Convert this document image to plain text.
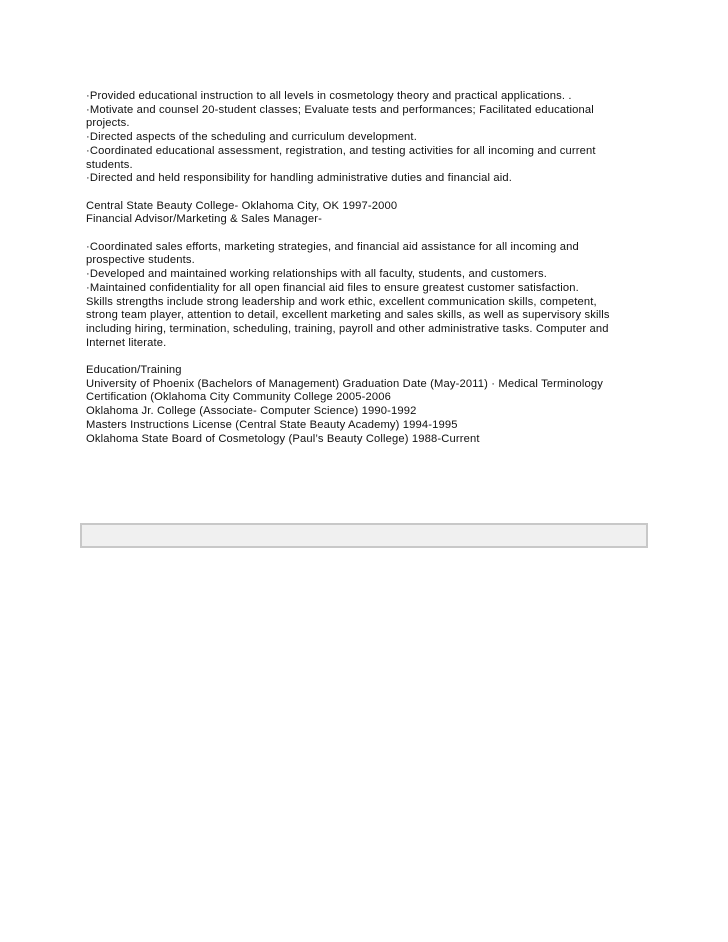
·Provided educational instruction to all levels in cosmetology theory and practical applications. .
·Motivate and counsel 20-student classes; Evaluate tests and performances; Facilitated educational
projects.
·Directed aspects of the scheduling and curriculum development.
·Coordinated educational assessment, registration, and testing activities for all incoming and current
students.
·Directed and held responsibility for handling administrative duties and financial aid.
Central State Beauty College- Oklahoma City, OK 1997-2000
Financial Advisor/Marketing & Sales Manager-
·Coordinated sales efforts, marketing strategies, and financial aid assistance for all incoming and
prospective students.
·Developed and maintained working relationships with all faculty, students, and customers.
·Maintained confidentiality for all open financial aid files to ensure greatest customer satisfaction.
Skills strengths include strong leadership and work ethic, excellent communication skills, competent,
strong team player, attention to detail, excellent marketing and sales skills, as well as supervisory skills
including hiring, termination, scheduling, training, payroll and other administrative tasks. Computer and
Internet literate.
Education/Training
University of Phoenix (Bachelors of Management) Graduation Date (May-2011) · Medical Terminology
Certification (Oklahoma City Community College 2005-2006
Oklahoma Jr. College (Associate- Computer Science) 1990-1992
Masters Instructions License (Central State Beauty Academy) 1994-1995
Oklahoma State Board of Cosmetology (Paul’s Beauty College) 1988-Current
